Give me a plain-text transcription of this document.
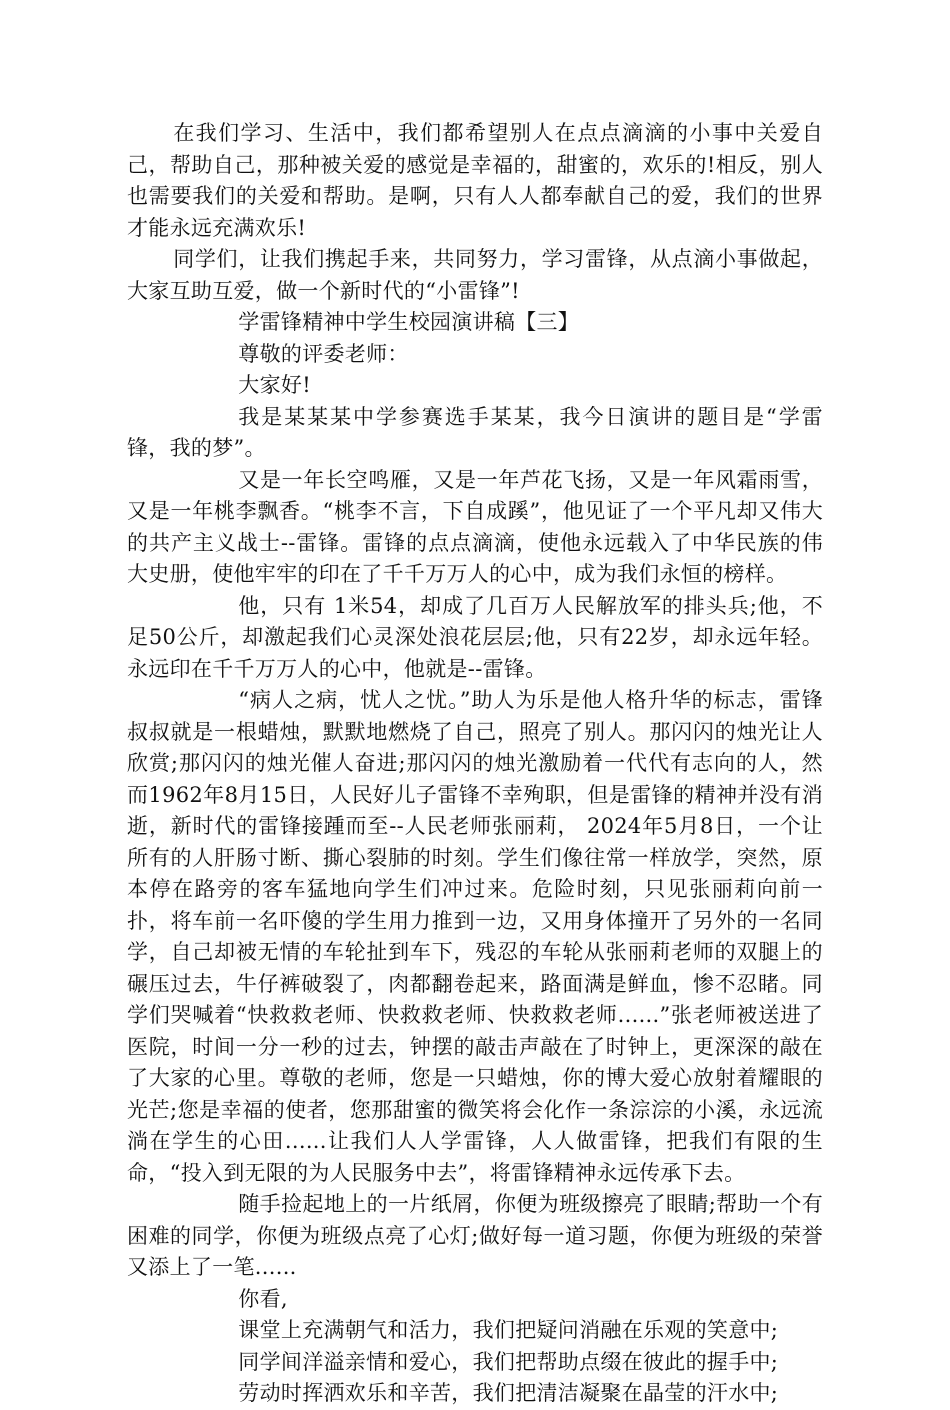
在我们学习、生活中，我们都希望别人在点点滴滴的小事中关爱自己，帮助自己，那种被关爱的感觉是幸福的，甜蜜的，欢乐的!相反，别人也需要我们的关爱和帮助。是啊，只有人人都奉献自己的爱，我们的世界才能永远充满欢乐!

同学们，让我们携起手来，共同努力，学习雷锋，从点滴小事做起，大家互助互爱，做一个新时代的“小雷锋”!

学雷锋精神中学生校园演讲稿【三】

尊敬的评委老师：

大家好!

我是某某某中学参赛选手某某，我今日演讲的题目是“学雷锋，我的梦”。

又是一年长空鸣雁，又是一年芦花飞扬，又是一年风霜雨雪，又是一年桃李飘香。“桃李不言，下自成蹊”，他见证了一个平凡却又伟大的共产主义战士--雷锋。雷锋的点点滴滴，使他永远载入了中华民族的伟大史册，使他牢牢的印在了千千万万人的心中，成为我们永恒的榜样。

他，只有 1米54，却成了几百万人民解放军的排头兵;他，不足50公斤，却激起我们心灵深处浪花层层;他，只有22岁，却永远年轻。永远印在千千万万人的心中，他就是--雷锋。

“病人之病，忧人之忧。”助人为乐是他人格升华的标志，雷锋叔叔就是一根蜡烛，默默地燃烧了自己，照亮了别人。那闪闪的烛光让人欣赏;那闪闪的烛光催人奋进;那闪闪的烛光激励着一代代有志向的人，然而1962年8月15日，人民好儿子雷锋不幸殉职，但是雷锋的精神并没有消逝，新时代的雷锋接踵而至--人民老师张丽莉， 2024年5月8日，一个让所有的人肝肠寸断、撕心裂肺的时刻。学生们像往常一样放学，突然，原本停在路旁的客车猛地向学生们冲过来。危险时刻，只见张丽莉向前一扑，将车前一名吓傻的学生用力推到一边，又用身体撞开了另外的一名同学，自己却被无情的车轮扯到车下，残忍的车轮从张丽莉老师的双腿上的碾压过去，牛仔裤破裂了，肉都翻卷起来，路面满是鲜血，惨不忍睹。同学们哭喊着“快救救老师、快救救老师、快救救老师......”张老师被送进了医院，时间一分一秒的过去，钟摆的敲击声敲在了时钟上，更深深的敲在了大家的心里。尊敬的老师，您是一只蜡烛，你的博大爱心放射着耀眼的光芒;您是幸福的使者，您那甜蜜的微笑将会化作一条淙淙的小溪，永远流淌在学生的心田......让我们人人学雷锋，人人做雷锋，把我们有限的生命，“投入到无限的为人民服务中去”，将雷锋精神永远传承下去。

随手捡起地上的一片纸屑，你便为班级擦亮了眼睛;帮助一个有困难的同学，你便为班级点亮了心灯;做好每一道习题，你便为班级的荣誉又添上了一笔......

你看,

课堂上充满朝气和活力，我们把疑问消融在乐观的笑意中;

同学间洋溢亲情和爱心，我们把帮助点缀在彼此的握手中;

劳动时挥洒欢乐和辛苦，我们把清洁凝聚在晶莹的汗水中;
